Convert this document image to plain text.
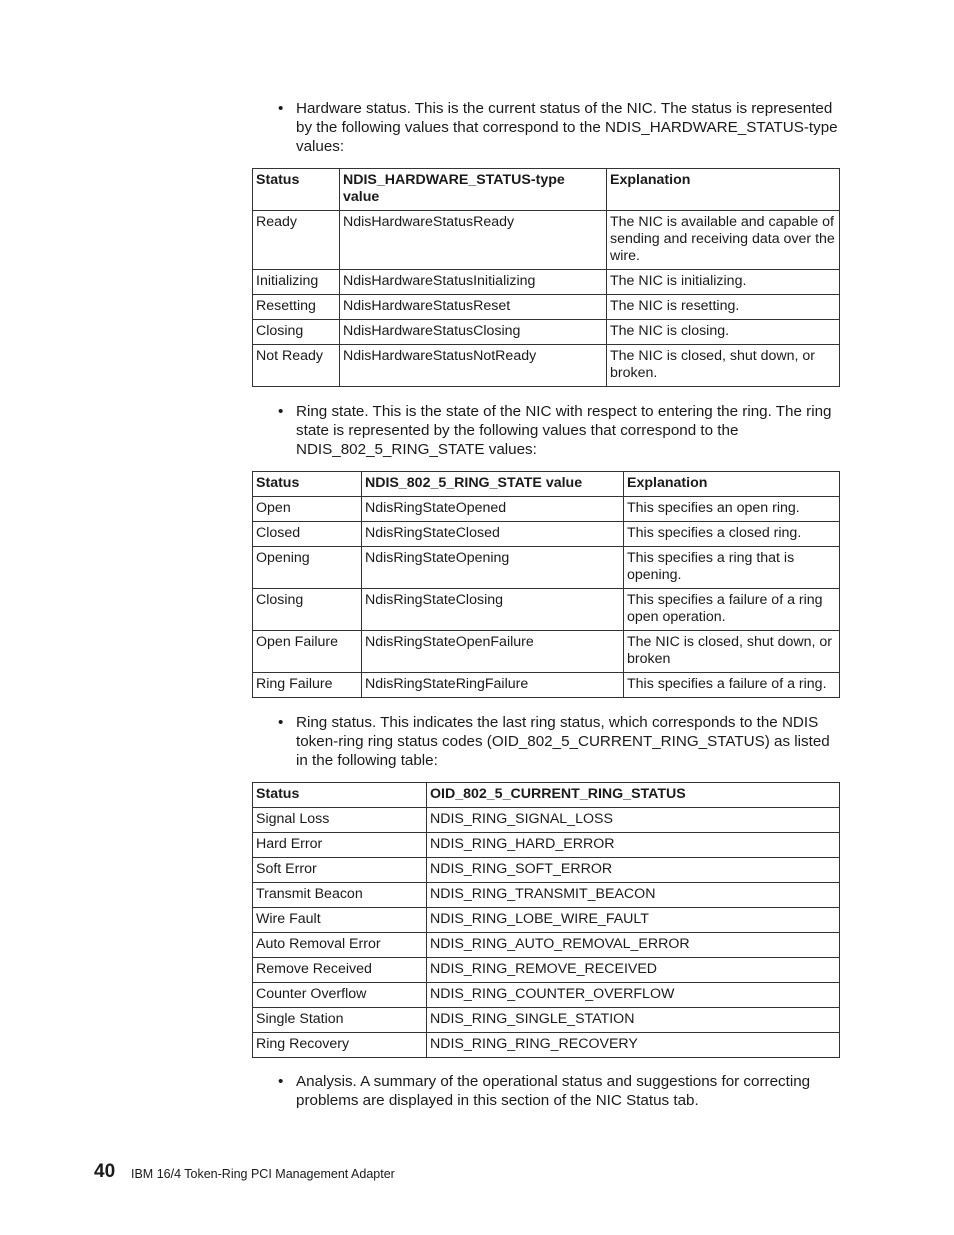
• Hardware status. This is the current status of the NIC. The status is represented by the following values that correspond to the NDIS_HARDWARE_STATUS-type values:
Status	NDIS_HARDWARE_STATUS-type value	Explanation
Ready	NdisHardwareStatusReady	The NIC is available and capable of sending and receiving data over the wire.
Initializing	NdisHardwareStatusInitializing	The NIC is initializing.
Resetting	NdisHardwareStatusReset	The NIC is resetting.
Closing	NdisHardwareStatusClosing	The NIC is closing.
Not Ready	NdisHardwareStatusNotReady	The NIC is closed, shut down, or broken.
• Ring state. This is the state of the NIC with respect to entering the ring. The ring state is represented by the following values that correspond to the NDIS_802_5_RING_STATE values:
Status	NDIS_802_5_RING_STATE value	Explanation
Open	NdisRingStateOpened	This specifies an open ring.
Closed	NdisRingStateClosed	This specifies a closed ring.
Opening	NdisRingStateOpening	This specifies a ring that is opening.
Closing	NdisRingStateClosing	This specifies a failure of a ring open operation.
Open Failure	NdisRingStateOpenFailure	The NIC is closed, shut down, or broken
Ring Failure	NdisRingStateRingFailure	This specifies a failure of a ring.
• Ring status. This indicates the last ring status, which corresponds to the NDIS token-ring ring status codes (OID_802_5_CURRENT_RING_STATUS) as listed in the following table:
Status	OID_802_5_CURRENT_RING_STATUS
Signal Loss	NDIS_RING_SIGNAL_LOSS
Hard Error	NDIS_RING_HARD_ERROR
Soft Error	NDIS_RING_SOFT_ERROR
Transmit Beacon	NDIS_RING_TRANSMIT_BEACON
Wire Fault	NDIS_RING_LOBE_WIRE_FAULT
Auto Removal Error	NDIS_RING_AUTO_REMOVAL_ERROR
Remove Received	NDIS_RING_REMOVE_RECEIVED
Counter Overflow	NDIS_RING_COUNTER_OVERFLOW
Single Station	NDIS_RING_SINGLE_STATION
Ring Recovery	NDIS_RING_RING_RECOVERY
• Analysis. A summary of the operational status and suggestions for correcting problems are displayed in this section of the NIC Status tab.
40 IBM 16/4 Token-Ring PCI Management Adapter
